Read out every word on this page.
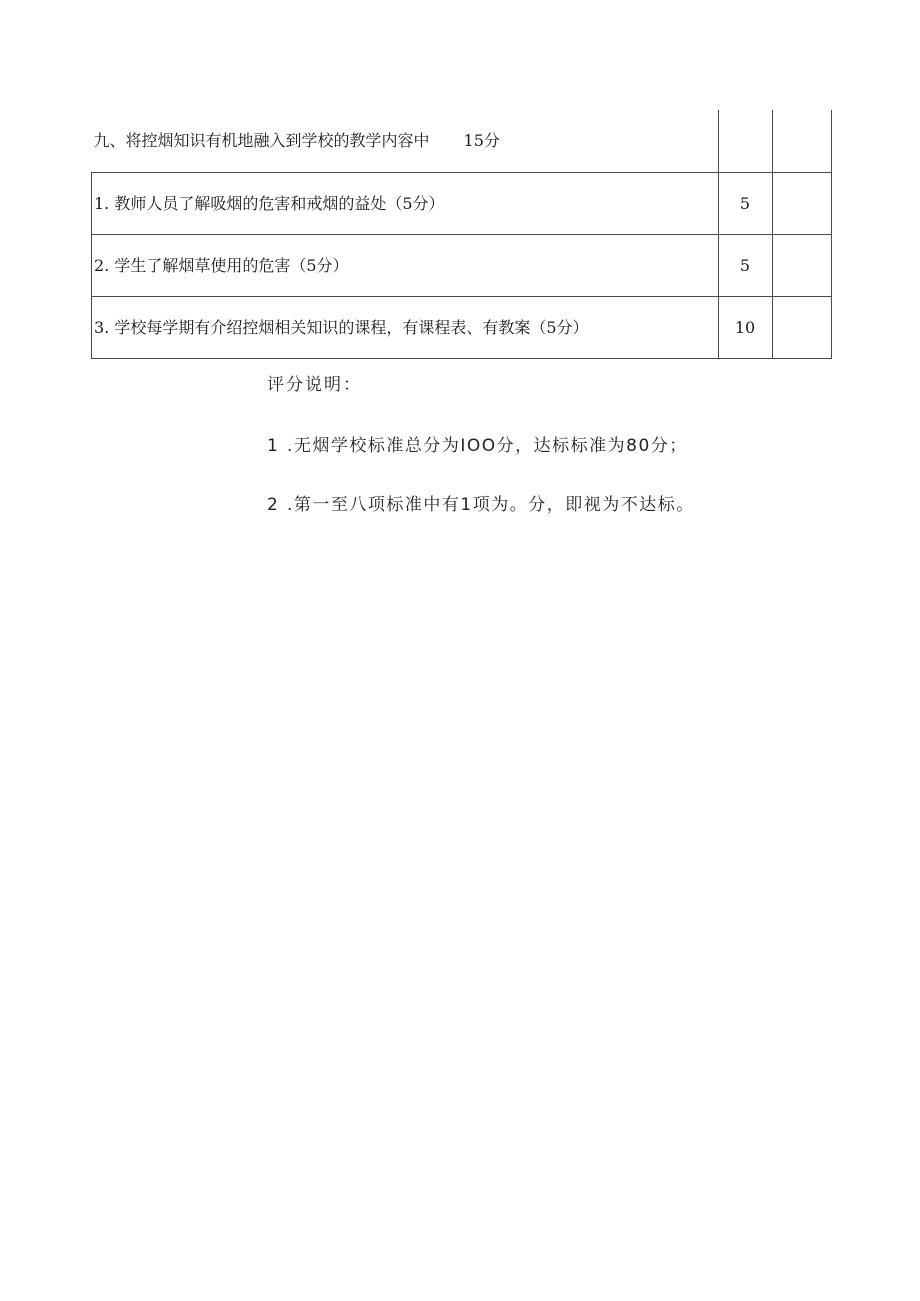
九、将控烟知识有机地融入到学校的教学内容中 15分		
1. 教师人员了解吸烟的危害和戒烟的益处（5分）	5	
2. 学生了解烟草使用的危害（5分）	5	
3. 学校每学期有介绍控烟相关知识的课程，有课程表、有教案（5分）	10	
评分说明：
1 .无烟学校标准总分为IOO分，达标标准为80分；
2 .第一至八项标准中有1项为。分，即视为不达标。
